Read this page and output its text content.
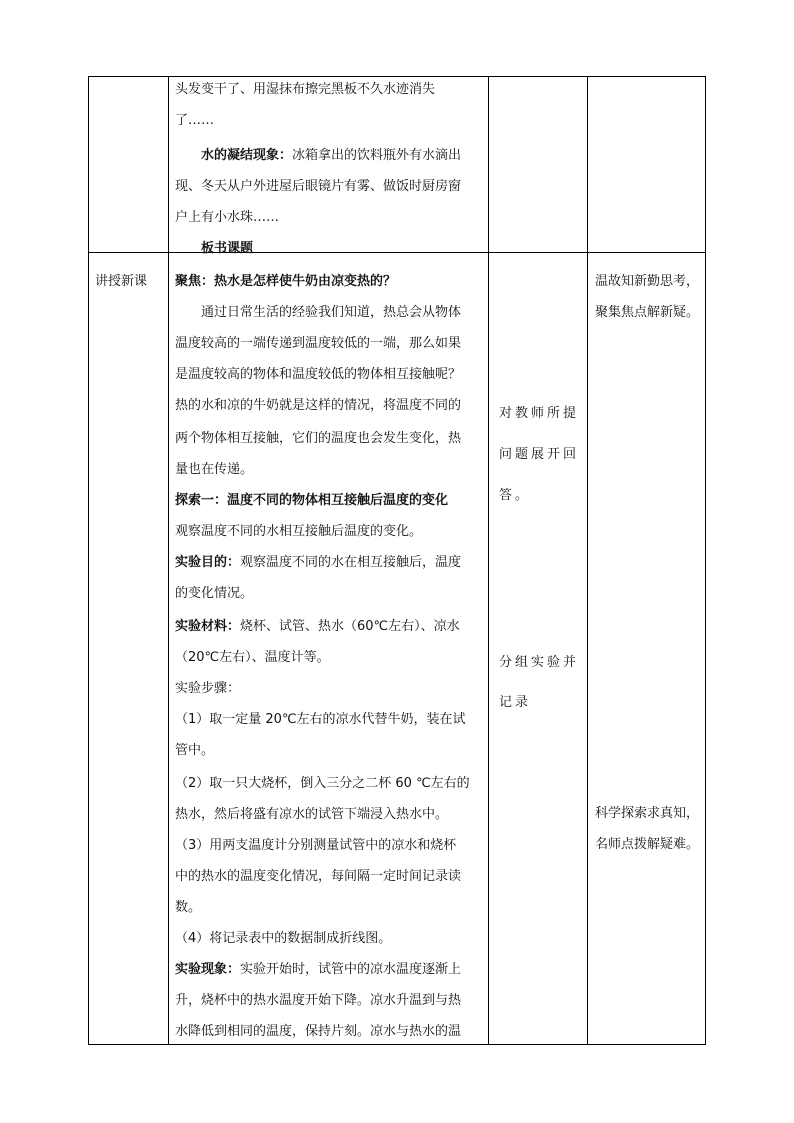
头发变干了、用湿抹布擦完黑板不久水迹消失
了……
水的凝结现象：冰箱拿出的饮料瓶外有水滴出
现、冬天从户外进屋后眼镜片有雾、做饭时厨房窗
户上有小水珠……
板书课题
讲授新课 聚焦：热水是怎样使牛奶由凉变热的？
通过日常生活的经验我们知道，热总会从物体
温度较高的一端传递到温度较低的一端，那么如果
是温度较高的物体和温度较低的物体相互接触呢？
热的水和凉的牛奶就是这样的情况，将温度不同的
两个物体相互接触，它们的温度也会发生变化，热
量也在传递。
探索一：温度不同的物体相互接触后温度的变化
观察温度不同的水相互接触后温度的变化。
实验目的：观察温度不同的水在相互接触后，温度
的变化情况。
实验材料：烧杯、试管、热水（60℃左右）、凉水
（20℃左右）、温度计等。
实验步骤：
（1）取一定量 20℃左右的凉水代替牛奶，装在试
管中。
（2）取一只大烧杯，倒入三分之二杯 60 ℃左右的
热水，然后将盛有凉水的试管下端浸入热水中。
（3）用两支温度计分别测量试管中的凉水和烧杯
中的热水的温度变化情况，每间隔一定时间记录读
数。
（4）将记录表中的数据制成折线图。
实验现象：实验开始时，试管中的凉水温度逐渐上
升，烧杯中的热水温度开始下降。凉水升温到与热
水降低到相同的温度，保持片刻。凉水与热水的温
对教师所提
问题展开回
答。
分组实验并
记录
温故知新勤思考，
聚集焦点解新疑。
科学探索求真知，
名师点拨解疑难。
